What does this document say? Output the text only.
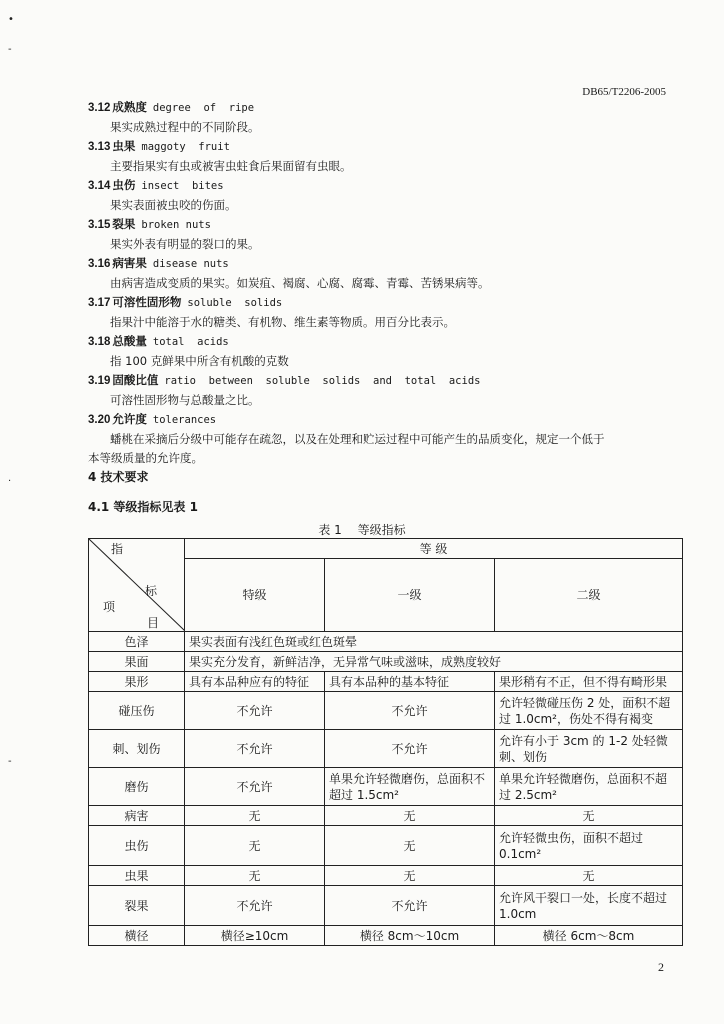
•
-
·
-
DB65/T2206-2005
3.12 成熟度 degree  of  ripe
果实成熟过程中的不同阶段。
3.13 虫果 maggoty  fruit
主要指果实有虫或被害虫蛀食后果面留有虫眼。
3.14 虫伤 insect  bites
果实表面被虫咬的伤面。
3.15 裂果 broken nuts
果实外表有明显的裂口的果。
3.16 病害果 disease nuts
由病害造成变质的果实。如炭疽、褐腐、心腐、腐霉、青霉、苦锈果病等。
3.17 可溶性固形物 soluble  solids
指果汁中能溶于水的糖类、有机物、维生素等物质。用百分比表示。
3.18 总酸量 total  acids
指 100 克鲜果中所含有机酸的克数
3.19 固酸比值 ratio  between  soluble  solids  and  total  acids
可溶性固形物与总酸量之比。
3.20 允许度 tolerances
蟠桃在采摘后分级中可能存在疏忽，以及在处理和贮运过程中可能产生的品质变化，规定一个低于
本等级质量的允许度。
4 技术要求
4.1 等级指标见表 1
表 1 等级指标
指
标
项
目	等 级		
	特级	一级	二级

色泽	果实表面有浅红色斑或红色斑晕		
果面	果实充分发育，新鲜洁净，无异常气味或滋味，成熟度较好		
果形	具有本品种应有的特征	具有本品种的基本特征	果形稍有不正，但不得有畸形果
碰压伤	不允许	不允许	允许轻微碰压伤 2 处，面积不超过 1.0cm²，伤处不得有褐变
刺、划伤	不允许	不允许	允许有小于 3cm 的 1-2 处轻微刺、划伤
磨伤	不允许	单果允许轻微磨伤，总面积不超过 1.5cm²	单果允许轻微磨伤，总面积不超过 2.5cm²
病害	无	无	无
虫伤	无	无	允许轻微虫伤，面积不超过 0.1cm²
虫果	无	无	无
裂果	不允许	不允许	允许风干裂口一处，长度不超过 1.0cm
横径	横径≥10cm	横径 8cm～10cm	横径 6cm～8cm
2
